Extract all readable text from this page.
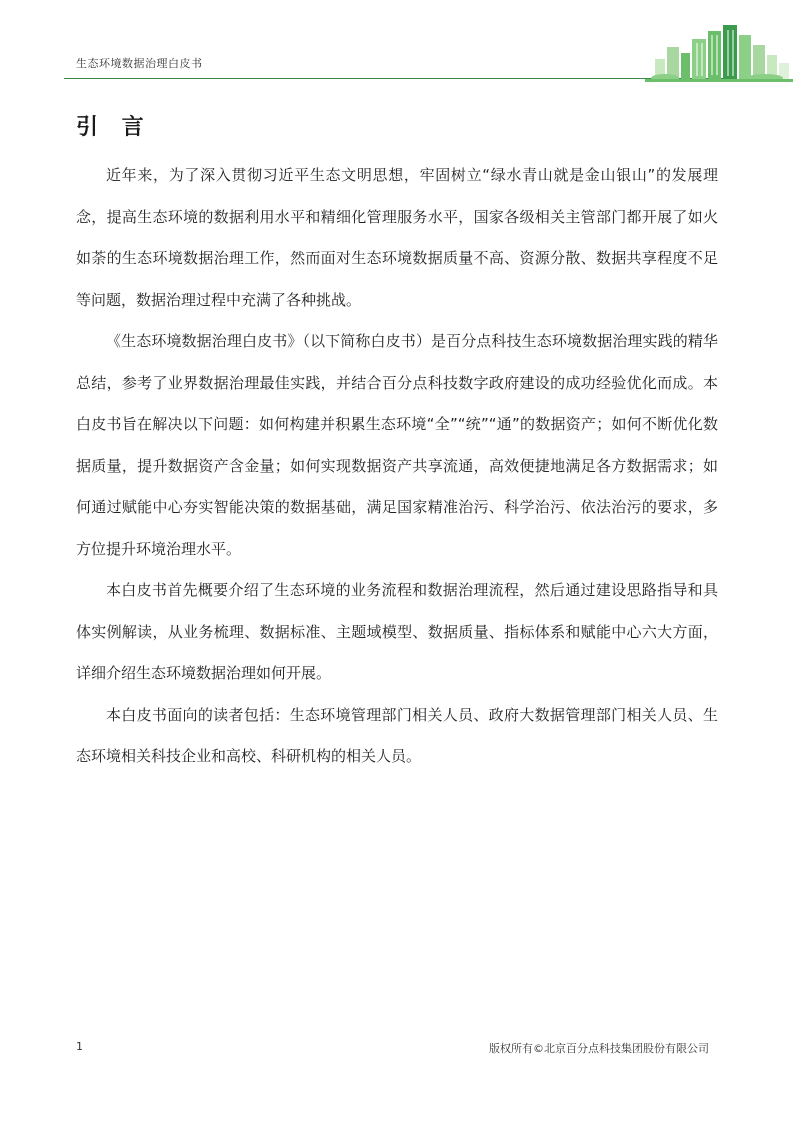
生态环境数据治理白皮书
引 言

近年来，为了深入贯彻习近平生态文明思想，牢固树立“绿水青山就是金山银山”的发展理念，提高生态环境的数据利用水平和精细化管理服务水平，国家各级相关主管部门都开展了如火如荼的生态环境数据治理工作，然而面对生态环境数据质量不高、资源分散、数据共享程度不足等问题，数据治理过程中充满了各种挑战。

《生态环境数据治理白皮书》（以下简称白皮书）是百分点科技生态环境数据治理实践的精华总结，参考了业界数据治理最佳实践，并结合百分点科技数字政府建设的成功经验优化而成。本白皮书旨在解决以下问题：如何构建并积累生态环境“全”“统”“通”的数据资产；如何不断优化数据质量，提升数据资产含金量；如何实现数据资产共享流通，高效便捷地满足各方数据需求；如何通过赋能中心夯实智能决策的数据基础，满足国家精准治污、科学治污、依法治污的要求，多方位提升环境治理水平。

本白皮书首先概要介绍了生态环境的业务流程和数据治理流程，然后通过建设思路指导和具体实例解读，从业务梳理、数据标准、主题域模型、数据质量、指标体系和赋能中心六大方面，详细介绍生态环境数据治理如何开展。

本白皮书面向的读者包括：生态环境管理部门相关人员、政府大数据管理部门相关人员、生态环境相关科技企业和高校、科研机构的相关人员。

1	版权所有©北京百分点科技集团股份有限公司
